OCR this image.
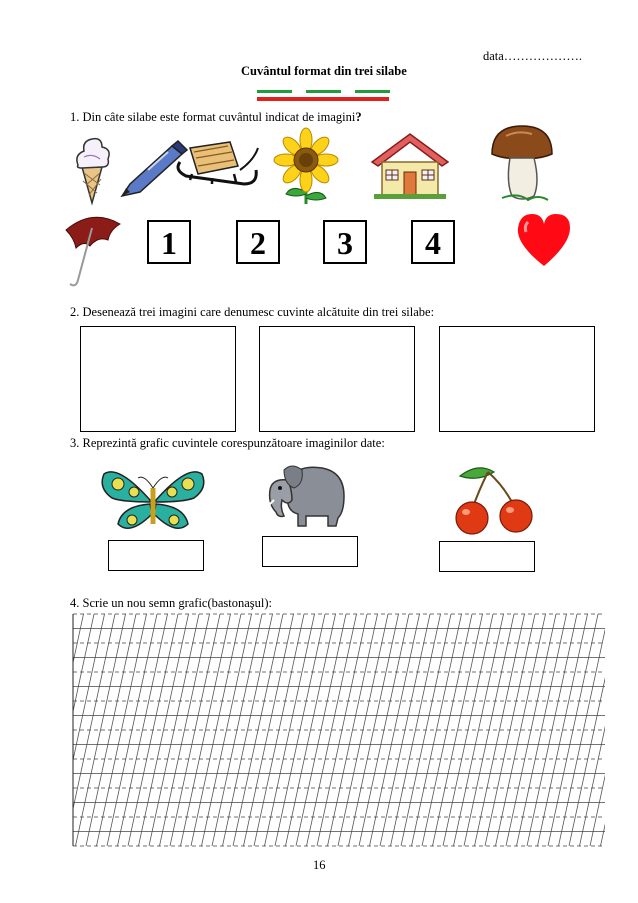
data……………….
Cuvântul format din trei silabe
1. Din câte silabe este format cuvântul indicat de imagini?
1	2	3	4
2. Desenează trei imagini care denumesc cuvinte alcătuite din trei silabe:
3. Reprezintă grafic cuvintele corespunzătoare imaginilor date:
4. Scrie un nou semn grafic(bastonaşul):
16
